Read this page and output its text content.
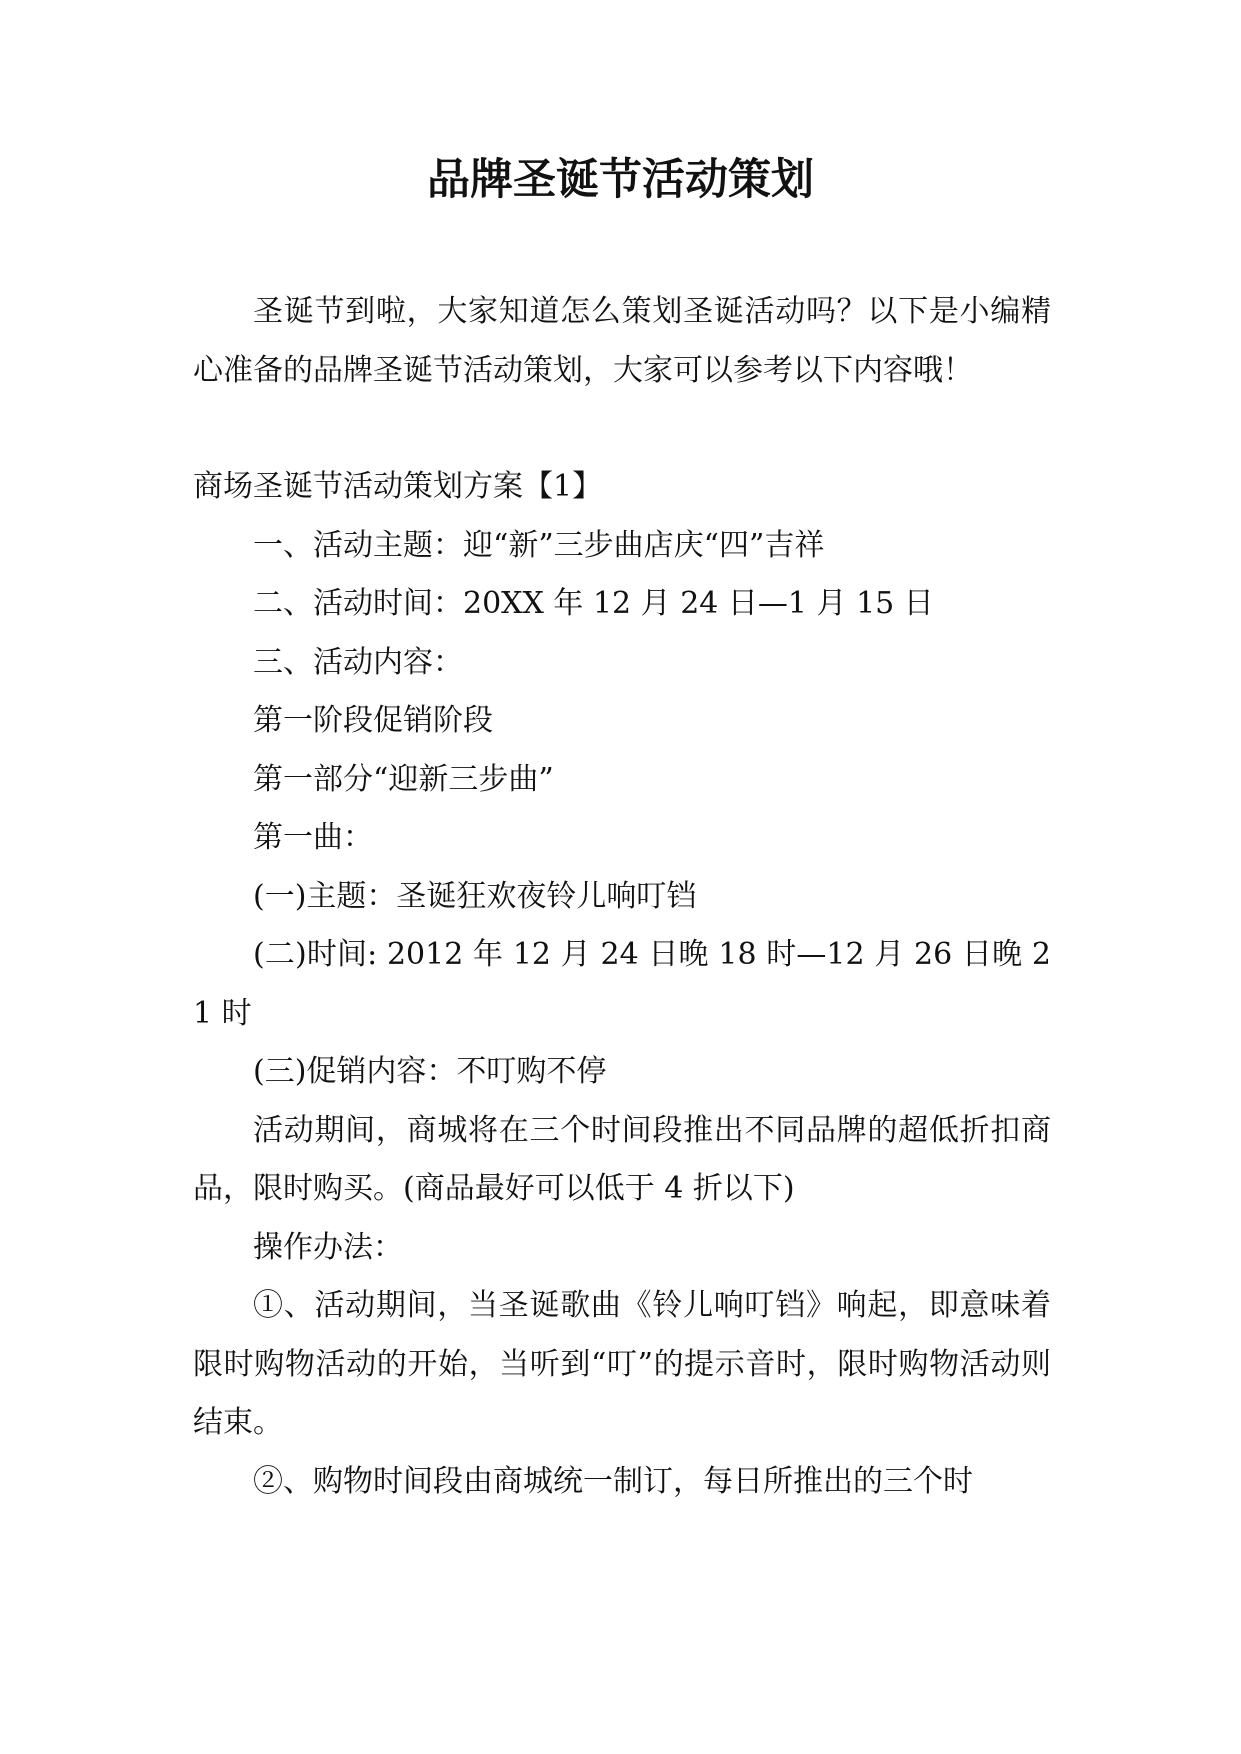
品牌圣诞节活动策划

圣诞节到啦，大家知道怎么策划圣诞活动吗？以下是小编精心准备的品牌圣诞节活动策划，大家可以参考以下内容哦！

商场圣诞节活动策划方案【1】

一、活动主题：迎“新”三步曲店庆“四”吉祥

二、活动时间：20XX 年 12 月 24 日—1 月 15 日

三、活动内容：

第一阶段促销阶段

第一部分“迎新三步曲”

第一曲：

(一)主题：圣诞狂欢夜铃儿响叮铛

(二)时间: 2012 年 12 月 24 日晚 18 时—12 月 26 日晚 21 时

(三)促销内容：不叮购不停

活动期间，商城将在三个时间段推出不同品牌的超低折扣商品，限时购买。(商品最好可以低于 4 折以下)

操作办法：

①、活动期间，当圣诞歌曲《铃儿响叮铛》响起，即意味着限时购物活动的开始，当听到“叮”的提示音时，限时购物活动则结束。

②、购物时间段由商城统一制订，每日所推出的三个时
